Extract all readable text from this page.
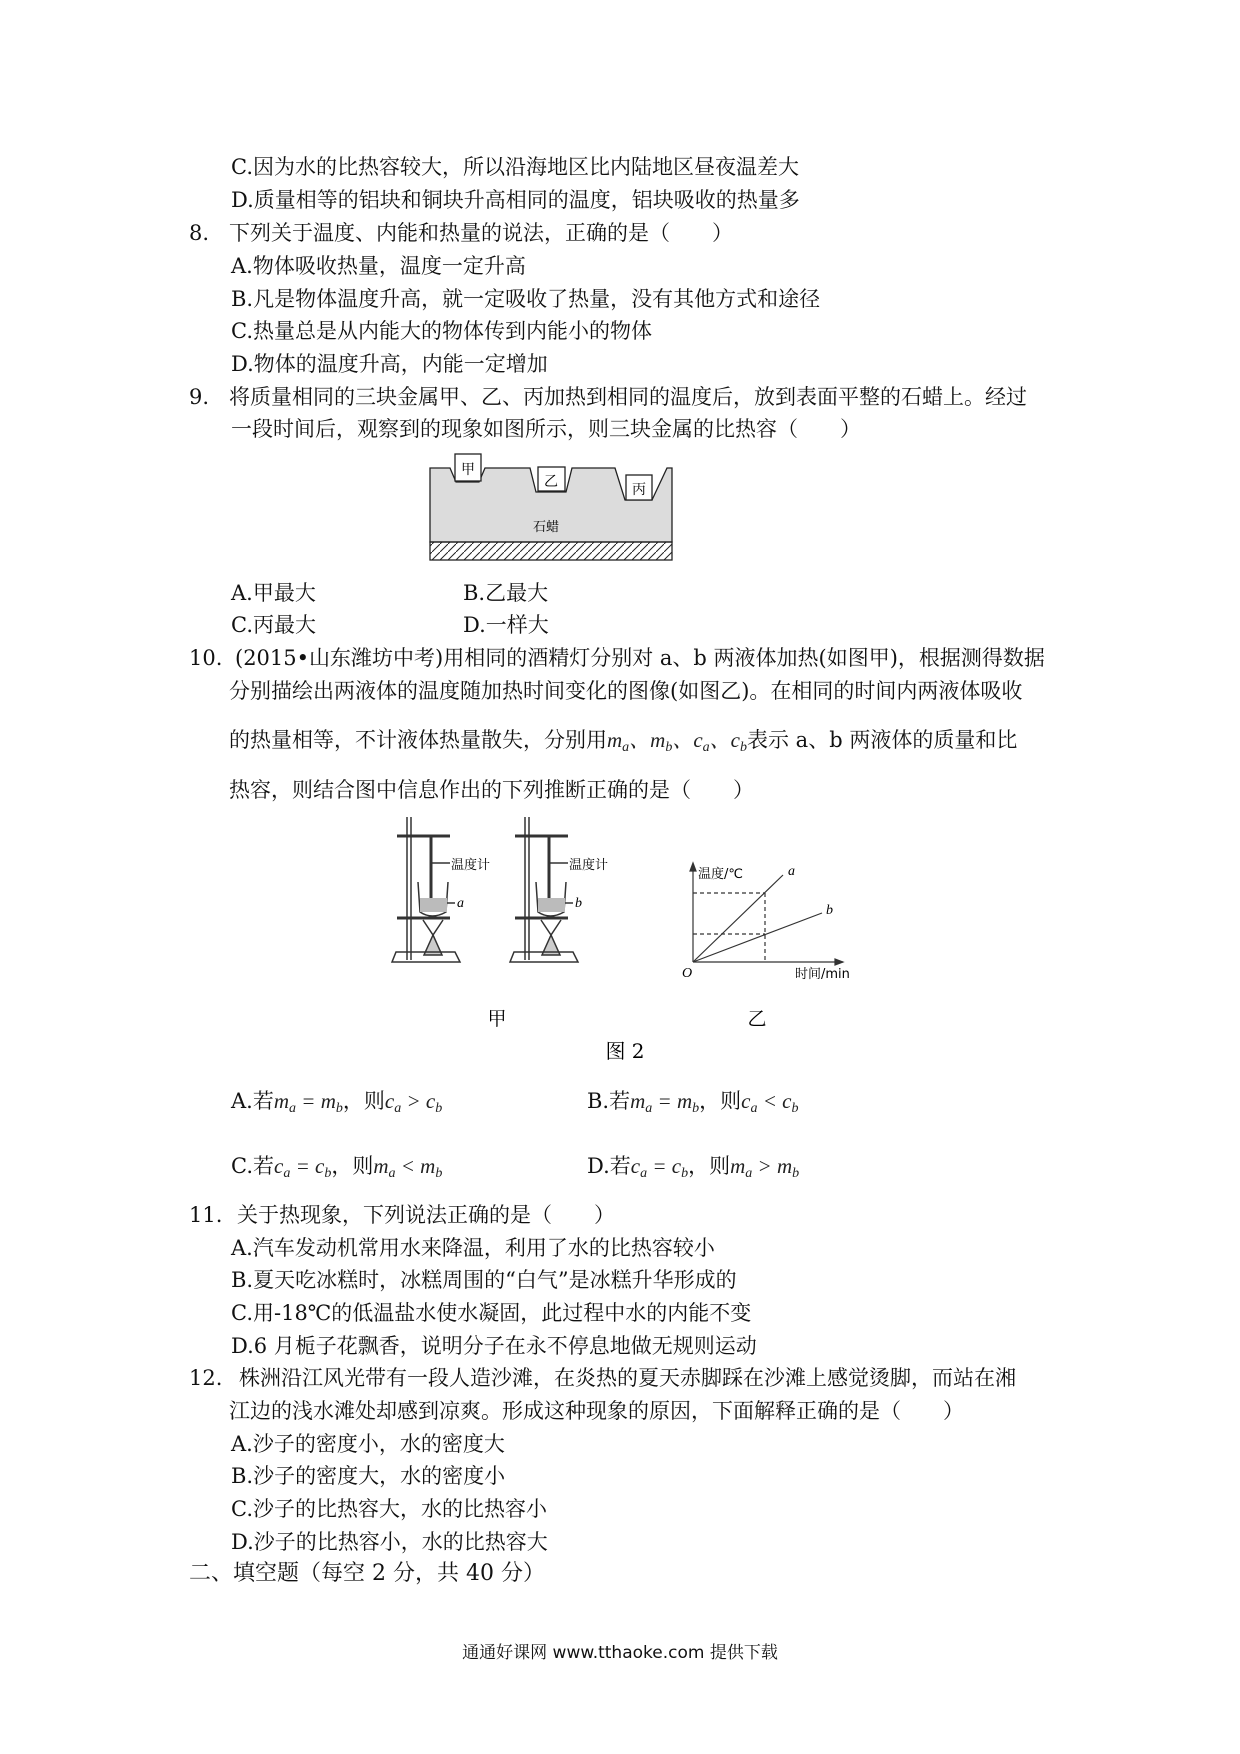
C.因为水的比热容较大，所以沿海地区比内陆地区昼夜温差大
D.质量相等的铝块和铜块升高相同的温度，铝块吸收的热量多
8. 下列关于温度、内能和热量的说法，正确的是（　　）
A.物体吸收热量，温度一定升高
B.凡是物体温度升高，就一定吸收了热量，没有其他方式和途径
C.热量总是从内能大的物体传到内能小的物体
D.物体的温度升高，内能一定增加
9. 将质量相同的三块金属甲、乙、丙加热到相同的温度后，放到表面平整的石蜡上。经过
一段时间后，观察到的现象如图所示，则三块金属的比热容（　　）
甲
乙	丙
石蜡
A.甲最大	B.乙最大
C.丙最大	D.一样大
10. (2015•山东潍坊中考)用相同的酒精灯分别对 a、b 两液体加热(如图甲)，根据测得数据
分别描绘出两液体的温度随加热时间变化的图像(如图乙)。在相同的时间内两液体吸收
的热量相等，不计液体热量散失，分别用$m_a$、$m_b$、$c_a$、$c_b$表示 a、b 两液体的质量和比
热容，则结合图中信息作出的下列推断正确的是（　　）
温度计
a
温度计
b
温度/℃
时间/min
O
a
b
甲	乙
图 2
A.若$m_a = m_b$，则$c_a > c_b$	B.若$m_a = m_b$，则$c_a < c_b$
C.若$c_a = c_b$，则$m_a < m_b$	D.若$c_a = c_b$，则$m_a > m_b$
11. 关于热现象，下列说法正确的是（　　）
A.汽车发动机常用水来降温，利用了水的比热容较小
B.夏天吃冰糕时，冰糕周围的“白气”是冰糕升华形成的
C.用-18℃的低温盐水使水凝固，此过程中水的内能不变
D.6 月栀子花飘香，说明分子在永不停息地做无规则运动
12. 株洲沿江风光带有一段人造沙滩，在炎热的夏天赤脚踩在沙滩上感觉烫脚，而站在湘
江边的浅水滩处却感到凉爽。形成这种现象的原因，下面解释正确的是（　　）
A.沙子的密度小，水的密度大
B.沙子的密度大，水的密度小
C.沙子的比热容大，水的比热容小
D.沙子的比热容小，水的比热容大
二、填空题（每空 2 分，共 40 分）
通通好课网 www.tthaoke.com 提供下载
